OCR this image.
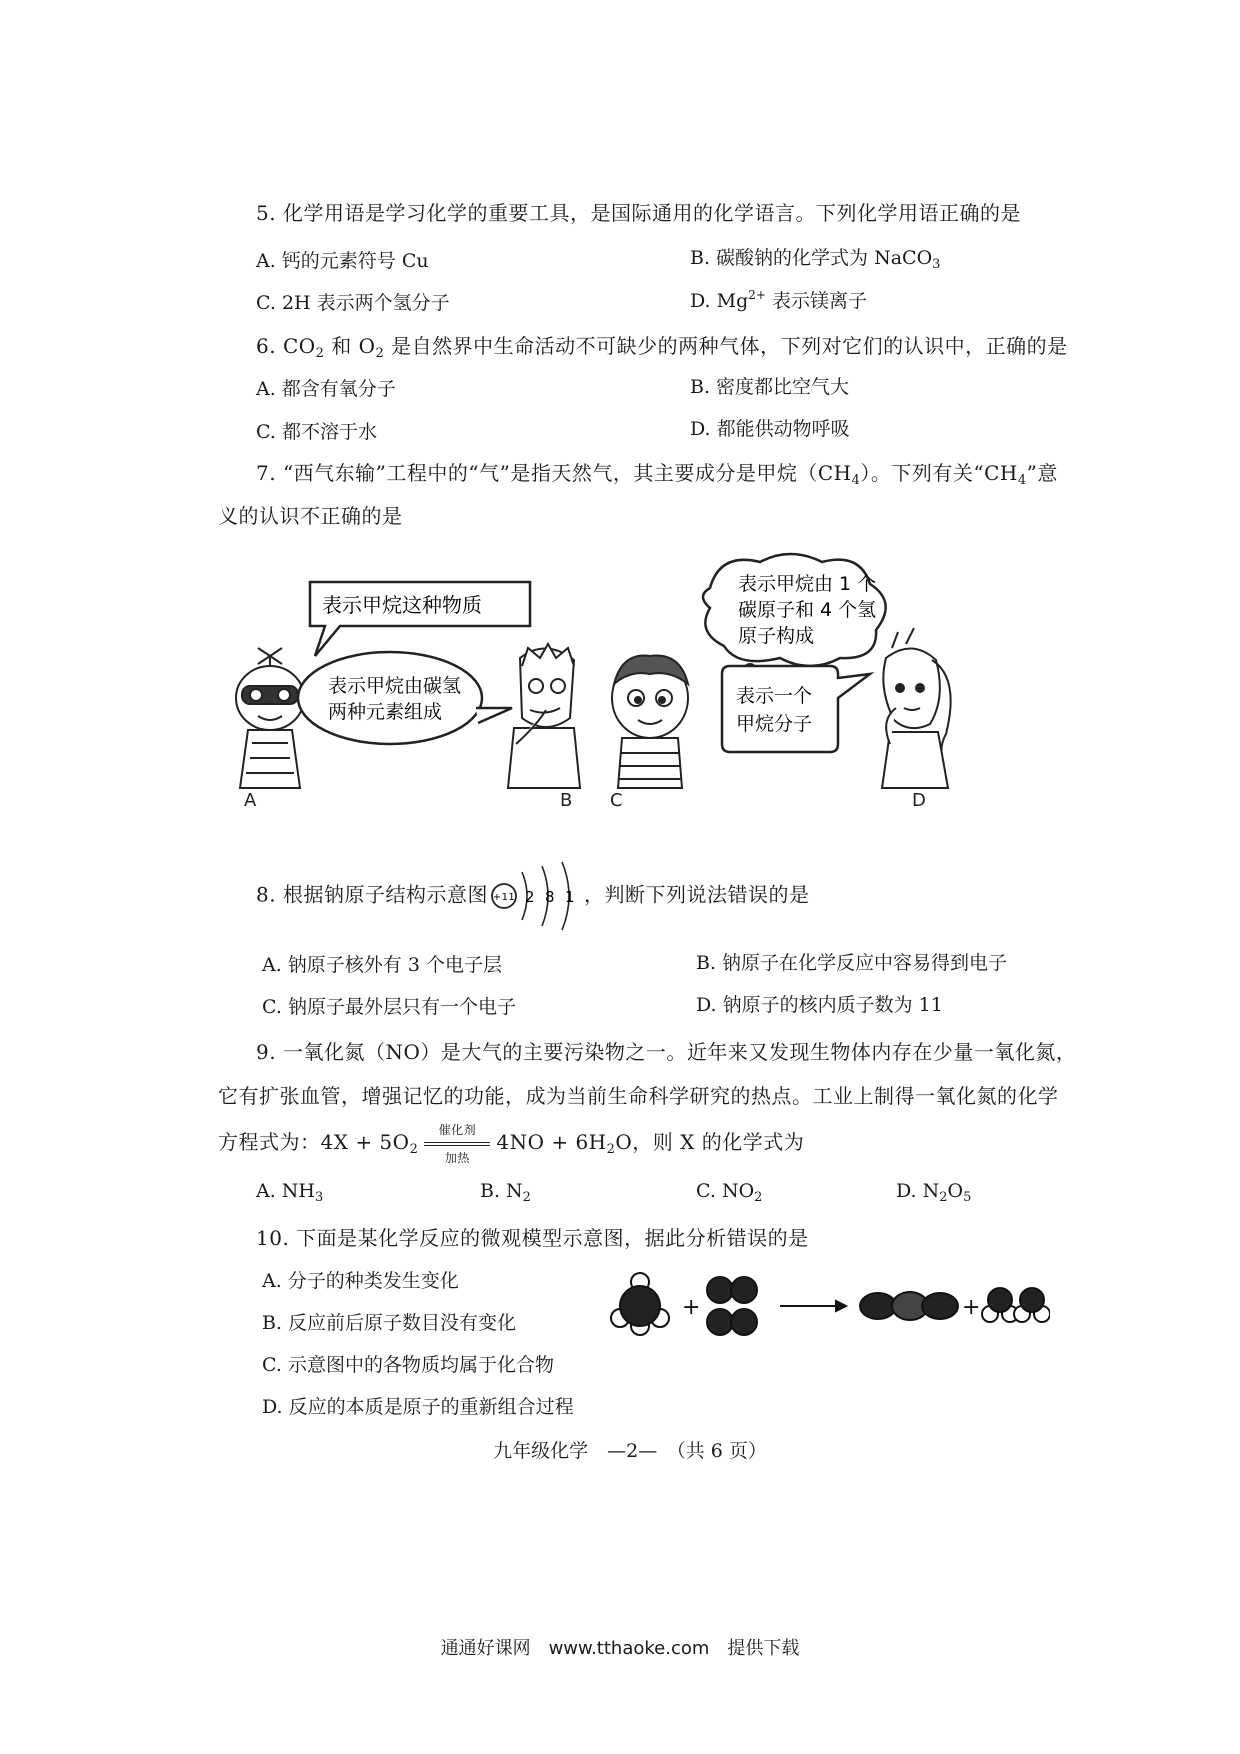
5. 化学用语是学习化学的重要工具，是国际通用的化学语言。下列化学用语正确的是
A. 钙的元素符号 Cu	B. 碳酸钠的化学式为 NaCO$_3$
C. 2H 表示两个氢分子	D. $Mg^{2+}$ 表示镁离子
6. $CO_2$ 和 $O_2$ 是自然界中生命活动不可缺少的两种气体，下列对它们的认识中，正确的是
A. 都含有氧分子	B. 密度都比空气大
C. 都不溶于水	D. 都能供动物呼吸
7. “西气东输”工程中的“气”是指天然气，其主要成分是甲烷$(CH_4)$。下列有关“$CH_4$”意
义的认识不正确的是
表示甲烷这种物质
A
表示甲烷由碳氢
两种元素组成
B
表示甲烷由 1 个
碳原子和 4 个氢
原子构成
C
表示一个
甲烷分子
D
8. 根据钠原子结构示意图 +11 2 8 1 ，判断下列说法错误的是
A. 钠原子核外有 3 个电子层	B. 钠原子在化学反应中容易得到电子
C. 钠原子最外层只有一个电子	D. 钠原子的核内质子数为 11
9. 一氧化氮（NO）是大气的主要污染物之一。近年来又发现生物体内存在少量一氧化氮，
它有扩张血管，增强记忆的功能，成为当前生命科学研究的热点。工业上制得一氧化氮的化学
方程式为：$4X + 5O_2$
催化剂
加热
$4NO + 6H_2O$，则 X 的化学式为
A. $NH_3$	B. $N_2$	C. $NO_2$	D. $N_2O_5$
10. 下面是某化学反应的微观模型示意图，据此分析错误的是
A. 分子的种类发生变化
B. 反应前后原子数目没有变化
C. 示意图中的各物质均属于化合物
D. 反应的本质是原子的重新组合过程
+	+
九年级化学　—2—　（共 6 页）
通通好课网　www.tthaoke.com　提供下载
